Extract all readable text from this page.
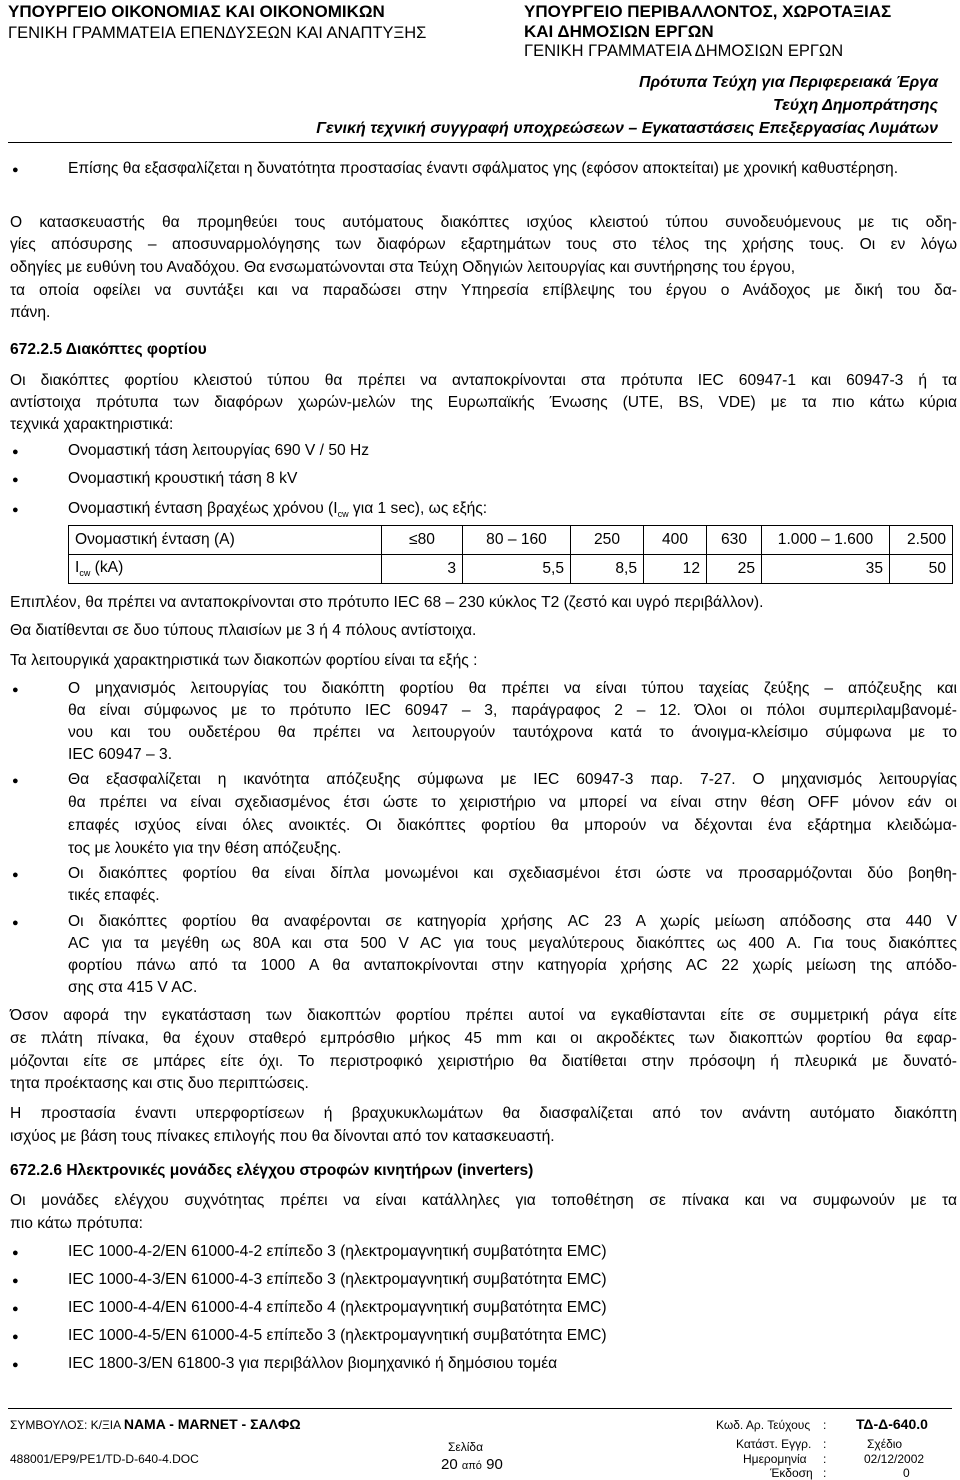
ΥΠΟΥΡΓΕΙΟ ΟΙΚΟΝΟΜΙΑΣ ΚΑΙ ΟΙΚΟΝΟΜΙΚΩΝ
ΓΕΝΙΚΗ ΓΡΑΜΜΑΤΕΙΑ ΕΠΕΝΔΥΣΕΩΝ ΚΑΙ ΑΝΑΠΤΥΞΗΣ
ΥΠΟΥΡΓΕΙΟ ΠΕΡΙΒΑΛΛΟΝΤΟΣ, ΧΩΡΟΤΑΞΙΑΣ
ΚΑΙ ΔΗΜΟΣΙΩΝ ΕΡΓΩΝ
ΓΕΝΙΚΗ ΓΡΑΜΜΑΤΕΙΑ ΔΗΜΟΣΙΩΝ ΕΡΓΩΝ
Πρότυπα Τεύχη για Περιφερειακά Έργα
Τεύχη Δημοπράτησης
Γενική τεχνική συγγραφή υποχρεώσεων – Εγκαταστάσεις Επεξεργασίας Λυμάτων
●	Επίσης θα εξασφαλίζεται η δυνατότητα προστασίας έναντι σφάλματος γης (εφόσον αποκτείται) με χρονική καθυστέρηση.
Ο κατασκευαστής θα προμηθεύει τους αυτόματους διακόπτες ισχύος κλειστού τύπου συνοδευόμενους με τις οδη-
γίες απόσυρσης – αποσυναρμολόγησης των διαφόρων εξαρτημάτων τους στο τέλος της χρήσης τους. Οι εν λόγω
οδηγίες με ευθύνη του Αναδόχου. Θα ενσωματώνονται στα Τεύχη Οδηγιών λειτουργίας και συντήρησης του έργου,
τα οποία οφείλει να συντάξει και να παραδώσει στην Υπηρεσία επίβλεψης του έργου ο Ανάδοχος με δική του δα-
πάνη.
672.2.5 Διακόπτες φορτίου
Οι διακόπτες φορτίου κλειστού τύπου θα πρέπει να ανταποκρίνονται στα πρότυπα IEC 60947-1 και 60947-3 ή τα
αντίστοιχα πρότυπα των διαφόρων χωρών-μελών της Ευρωπαϊκής Ένωσης (UTE, BS, VDE) με τα πιο κάτω κύρια
τεχνικά χαρακτηριστικά:
●	Ονομαστική τάση λειτουργίας 690 V / 50 Hz
●	Ονομαστική κρουστική τάση 8 kV
●	Ονομαστική ένταση βραχέως χρόνου ($I_{cw}$ για 1 sec), ως εξής:
Ονομαστική ένταση (A)	≤80	80 – 160	250	400	630	1.000 – 1.600	2.500
$I_{cw}$ (kA)	3	5,5	8,5	12	25	35	50
Επιπλέον, θα πρέπει να ανταποκρίνονται στο πρότυπο IEC 68 – 230 κύκλος T2 (ζεστό και υγρό περιβάλλον).
Θα διατίθενται σε δυο τύπους πλαισίων με 3 ή 4 πόλους αντίστοιχα.
Τα λειτουργικά χαρακτηριστικά των διακοπών φορτίου είναι τα εξής :
●	Ο μηχανισμός λειτουργίας του διακόπτη φορτίου θα πρέπει να είναι τύπου ταχείας ζεύξης – απόζευξης και
θα είναι σύμφωνος με το πρότυπο IEC 60947 – 3, παράγραφος 2 – 12. Όλοι οι πόλοι συμπεριλαμβανομέ-
νου και του ουδετέρου θα πρέπει να λειτουργούν ταυτόχρονα κατά το άνοιγμα-κλείσιμο σύμφωνα με το
IEC 60947 – 3.
●	Θα εξασφαλίζεται η ικανότητα απόζευξης σύμφωνα με IEC 60947-3 παρ. 7-27. Ο μηχανισμός λειτουργίας
θα πρέπει να είναι σχεδιασμένος έτσι ώστε το χειριστήριο να μπορεί να είναι στην θέση OFF μόνον εάν οι
επαφές ισχύος είναι όλες ανοικτές. Οι διακόπτες φορτίου θα μπορούν να δέχονται ένα εξάρτημα κλειδώμα-
τος με λουκέτο για την θέση απόζευξης.
●	Οι διακόπτες φορτίου θα είναι δίπλα μονωμένοι και σχεδιασμένοι έτσι ώστε να προσαρμόζονται δύο βοηθη-
τικές επαφές.
●	Οι διακόπτες φορτίου θα αναφέρονται σε κατηγορία χρήσης AC 23 A χωρίς μείωση απόδοσης στα 440 V
AC για τα μεγέθη ως 80A και στα 500 V AC για τους μεγαλύτερους διακόπτες ως 400 A. Για τους διακόπτες
φορτίου πάνω από τα 1000 A θα ανταποκρίνονται στην κατηγορία χρήσης AC 22 χωρίς μείωση της απόδο-
σης στα 415 V AC.
Όσον αφορά την εγκατάσταση των διακοπτών φορτίου πρέπει αυτοί να εγκαθίστανται είτε σε συμμετρική ράγα είτε
σε πλάτη πίνακα, θα έχουν σταθερό εμπρόσθιο μήκος 45 mm και οι ακροδέκτες των διακοπτών φορτίου θα εφαρ-
μόζονται είτε σε μπάρες είτε όχι. Το περιστροφικό χειριστήριο θα διατίθεται στην πρόσοψη ή πλευρικά με δυνατό-
τητα προέκτασης και στις δυο περιπτώσεις.
Η προστασία έναντι υπερφορτίσεων ή βραχυκυκλωμάτων θα διασφαλίζεται από τον ανάντη αυτόματο διακόπτη
ισχύος με βάση τους πίνακες επιλογής που θα δίνονται από τον κατασκευαστή.
672.2.6 Ηλεκτρονικές μονάδες ελέγχου στροφών κινητήρων (inverters)
Οι μονάδες ελέγχου συχνότητας πρέπει να είναι κατάλληλες για τοποθέτηση σε πίνακα και να συμφωνούν με τα
πιο κάτω πρότυπα:
●	IEC 1000-4-2/EN 61000-4-2 επίπεδο 3 (ηλεκτρομαγνητική συμβατότητα EMC)
●	IEC 1000-4-3/EN 61000-4-3 επίπεδο 3 (ηλεκτρομαγνητική συμβατότητα EMC)
●	IEC 1000-4-4/EN 61000-4-4 επίπεδο 4 (ηλεκτρομαγνητική συμβατότητα EMC)
●	IEC 1000-4-5/EN 61000-4-5 επίπεδο 3 (ηλεκτρομαγνητική συμβατότητα EMC)
●	IEC 1800-3/EN 61800-3 για περιβάλλον βιομηχανικό ή δημόσιου τομέα
ΣΥΜΒΟΥΛΟΣ: Κ/ΞΙΑ NAMA - MARNET - ΣΑΛΦΩ
488001/EP9/PE1/TD-D-640-4.DOC
Σελίδα
20 από 90
Κωδ. Αρ. Τεύχους : ΤΔ-Δ-640.0
Κατάστ. Εγγρ. :	Σχέδιο
Ημερομηνία :	02/12/2002
Έκδοση :	0
